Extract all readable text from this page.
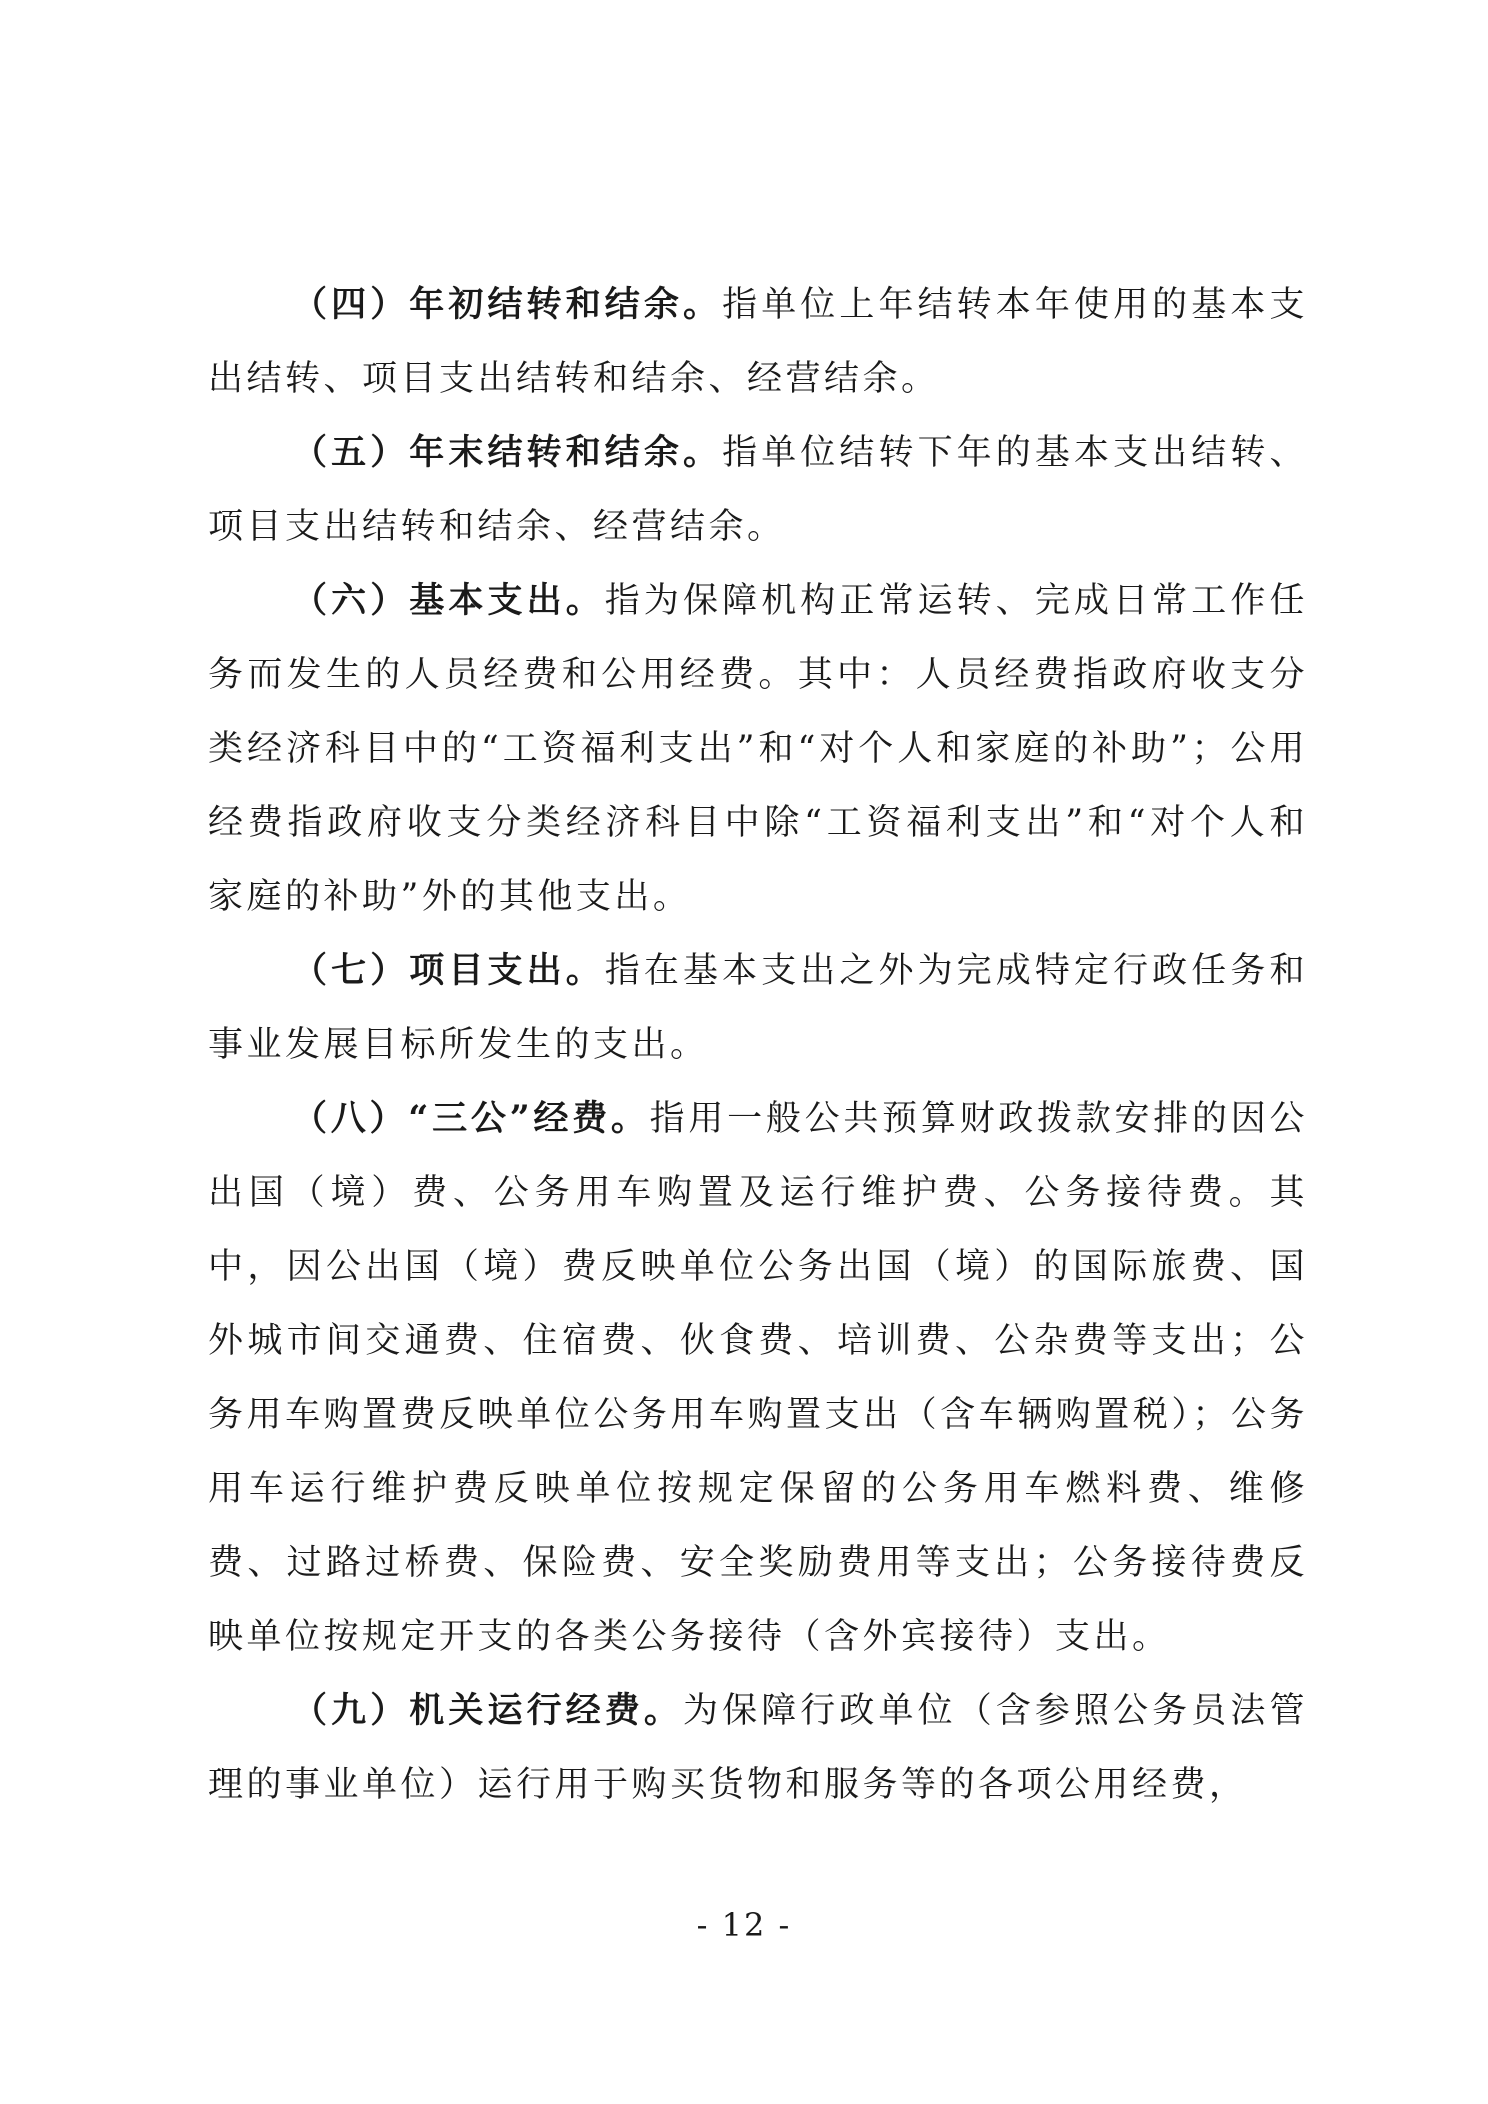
（四）年初结转和结余。指单位上年结转本年使用的基本支出结转、项目支出结转和结余、经营结余。

（五）年末结转和结余。指单位结转下年的基本支出结转、项目支出结转和结余、经营结余。

（六）基本支出。指为保障机构正常运转、完成日常工作任务而发生的人员经费和公用经费。其中：人员经费指政府收支分类经济科目中的“工资福利支出”和“对个人和家庭的补助”；公用经费指政府收支分类经济科目中除“工资福利支出”和“对个人和家庭的补助”外的其他支出。

（七）项目支出。指在基本支出之外为完成特定行政任务和事业发展目标所发生的支出。

（八）“三公”经费。指用一般公共预算财政拨款安排的因公出国（境）费、公务用车购置及运行维护费、公务接待费。其中，因公出国（境）费反映单位公务出国（境）的国际旅费、国外城市间交通费、住宿费、伙食费、培训费、公杂费等支出；公务用车购置费反映单位公务用车购置支出（含车辆购置税）；公务用车运行维护费反映单位按规定保留的公务用车燃料费、维修费、过路过桥费、保险费、安全奖励费用等支出；公务接待费反映单位按规定开支的各类公务接待（含外宾接待）支出。

（九）机关运行经费。为保障行政单位（含参照公务员法管理的事业单位）运行用于购买货物和服务等的各项公用经费，

- 12 -
